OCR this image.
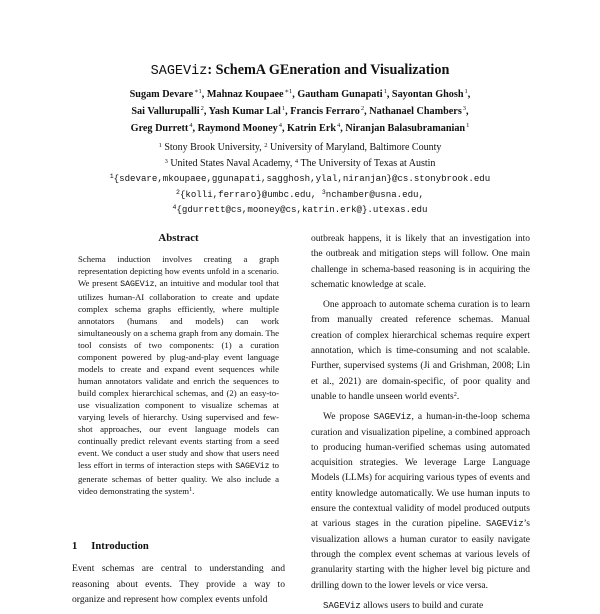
SAGEViz: SchemA GEneration and Visualization
Sugam Devare$^{∗1}$, Mahnaz Koupaee$^{∗1}$, Gautham Gunapati$^1$, Sayontan Ghosh$^1$,
Sai Vallurupalli$^2$, Yash Kumar Lal$^1$, Francis Ferraro$^2$, Nathanael Chambers$^3$,
Greg Durrett$^4$, Raymond Mooney$^4$, Katrin Erk$^4$, Niranjan Balasubramanian$^1$
$^1$ Stony Brook University, $^2$ University of Maryland, Baltimore County
$^3$ United States Naval Academy, $^4$ The University of Texas at Austin
$^1${sdevare,mkoupaee,ggunapati,sagghosh,ylal,niranjan}@cs.stonybrook.edu
$^2${kolli,ferraro}@umbc.edu, $^3$nchamber@usna.edu,
$^4${gdurrett@cs,mooney@cs,katrin.erk@}.utexas.edu
Abstract

Schema induction involves creating a graph representation depicting how events unfold in a scenario. We present SAGEViz, an intuitive and modular tool that utilizes human-AI collaboration to create and update complex schema graphs efficiently, where multiple annotators (humans and models) can work simultaneously on a schema graph from any domain. The tool consists of two components: (1) a curation component powered by plug-and-play event language models to create and expand event sequences while human annotators validate and enrich the sequences to build complex hierarchical schemas, and (2) an easy-to-use visualization component to visualize schemas at varying levels of hierarchy. Using supervised and few-shot approaches, our event language models can continually predict relevant events starting from a seed event. We conduct a user study and show that users need less effort in terms of interaction steps with SAGEViz to generate schemas of better quality. We also include a video demonstrating the system$^1$.

1 Introduction

Event schemas are central to understanding and reasoning about events. They provide a way to organize and represent how complex events unfold

outbreak happens, it is likely that an investigation into the outbreak and mitigation steps will follow. One main challenge in schema-based reasoning is in acquiring the schematic knowledge at scale.

One approach to automate schema curation is to learn from manually created reference schemas. Manual creation of complex hierarchical schemas require expert annotation, which is time-consuming and not scalable. Further, supervised systems (Ji and Grishman, 2008; Lin et al., 2021) are domain-specific, of poor quality and unable to handle unseen world events$^2$.

We propose SAGEViz, a human-in-the-loop schema curation and visualization pipeline, a combined approach to producing human-verified schemas using automated acquisition strategies. We leverage Large Language Models (LLMs) for acquiring various types of events and entity knowledge automatically. We use human inputs to ensure the contextual validity of model produced outputs at various stages in the curation pipeline. SAGEViz’s visualization allows a human curator to easily navigate through the complex event schemas at various levels of granularity starting with the higher level big picture and drilling down to the lower levels or vice versa.

SAGEViz allows users to build and curate
